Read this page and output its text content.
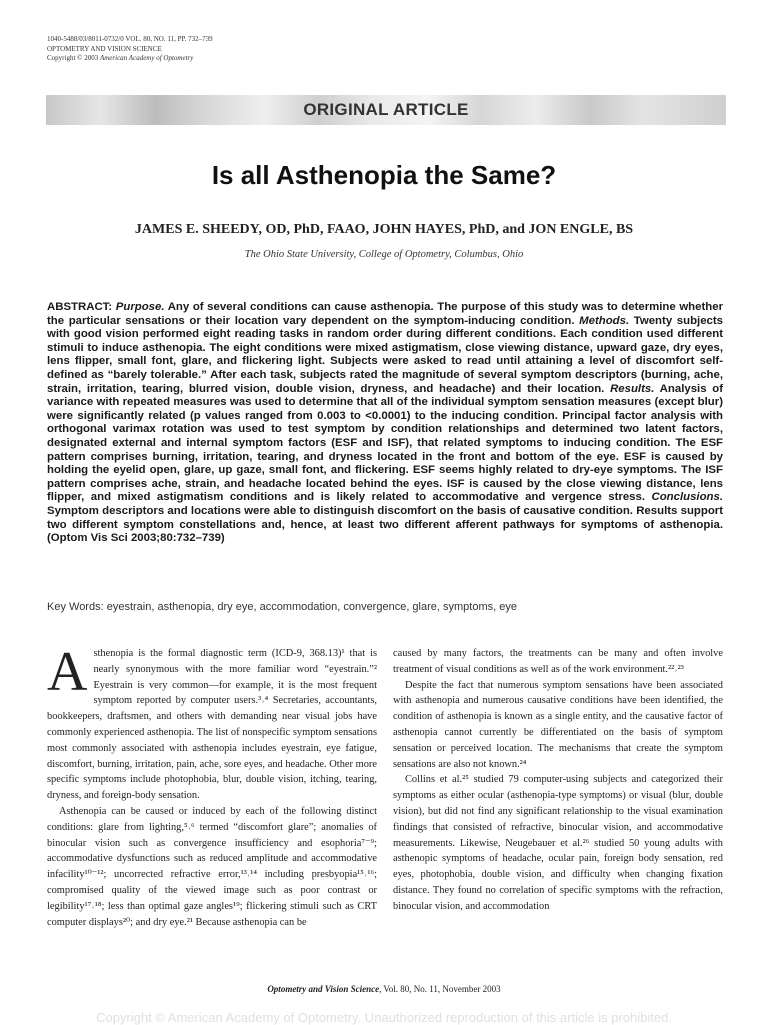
1040-5488/03/8011-0732/0 VOL. 80, NO. 11, PP. 732–739
OPTOMETRY AND VISION SCIENCE
Copyright © 2003 American Academy of Optometry
ORIGINAL ARTICLE
Is all Asthenopia the Same?
JAMES E. SHEEDY, OD, PhD, FAAO, JOHN HAYES, PhD, and JON ENGLE, BS
The Ohio State University, College of Optometry, Columbus, Ohio
ABSTRACT: Purpose. Any of several conditions can cause asthenopia. The purpose of this study was to determine whether the particular sensations or their location vary dependent on the symptom-inducing condition. Methods. Twenty subjects with good vision performed eight reading tasks in random order during different conditions. Each condition used different stimuli to induce asthenopia. The eight conditions were mixed astigmatism, close viewing distance, upward gaze, dry eyes, lens flipper, small font, glare, and flickering light. Subjects were asked to read until attaining a level of discomfort self-defined as “barely tolerable.” After each task, subjects rated the magnitude of several symptom descriptors (burning, ache, strain, irritation, tearing, blurred vision, double vision, dryness, and headache) and their location. Results. Analysis of variance with repeated measures was used to determine that all of the individual symptom sensation measures (except blur) were significantly related (p values ranged from 0.003 to <0.0001) to the inducing condition. Principal factor analysis with orthogonal varimax rotation was used to test symptom by condition relationships and determined two latent factors, designated external and internal symptom factors (ESF and ISF), that related symptoms to inducing condition. The ESF pattern comprises burning, irritation, tearing, and dryness located in the front and bottom of the eye. ESF is caused by holding the eyelid open, glare, up gaze, small font, and flickering. ESF seems highly related to dry-eye symptoms. The ISF pattern comprises ache, strain, and headache located behind the eyes. ISF is caused by the close viewing distance, lens flipper, and mixed astigmatism conditions and is likely related to accommodative and vergence stress. Conclusions. Symptom descriptors and locations were able to distinguish discomfort on the basis of causative condition. Results support two different symptom constellations and, hence, at least two different afferent pathways for symptoms of asthenopia. (Optom Vis Sci 2003;80:732–739)
Key Words: eyestrain, asthenopia, dry eye, accommodation, convergence, glare, symptoms, eye

Asthenopia is the formal diagnostic term (ICD-9, 368.13)¹ that is nearly synonymous with the more familiar word “eyestrain.”² Eyestrain is very common—for example, it is the most frequent symptom reported by computer users.³˒⁴ Secretaries, accountants, bookkeepers, draftsmen, and others with demanding near visual jobs have commonly experienced asthenopia. The list of nonspecific symptom sensations most commonly associated with asthenopia includes eyestrain, eye fatigue, discomfort, burning, irritation, pain, ache, sore eyes, and headache. Other more specific symptoms include photophobia, blur, double vision, itching, tearing, dryness, and foreign-body sensation.

Asthenopia can be caused or induced by each of the following distinct conditions: glare from lighting,⁵˒⁶ termed “discomfort glare”; anomalies of binocular vision such as convergence insufficiency and esophoria⁷⁻⁹; accommodative dysfunctions such as reduced amplitude and accommodative infacility¹⁰⁻¹²; uncorrected refractive error,¹³˒¹⁴ including presbyopia¹⁵˒¹⁶; compromised quality of the viewed image such as poor contrast or legibility¹⁷˒¹⁸; less than optimal gaze angles¹⁹; flickering stimuli such as CRT computer displays²⁰; and dry eye.²¹ Because asthenopia can be

caused by many factors, the treatments can be many and often involve treatment of visual conditions as well as of the work environment.²²˒²³

Despite the fact that numerous symptom sensations have been associated with asthenopia and numerous causative conditions have been identified, the condition of asthenopia is known as a single entity, and the causative factor of asthenopia cannot currently be differentiated on the basis of symptom sensation or perceived location. The mechanisms that create the symptom sensations are also not known.²⁴

Collins et al.²⁵ studied 79 computer-using subjects and categorized their symptoms as either ocular (asthenopia-type symptoms) or visual (blur, double vision), but did not find any significant relationship to the visual examination findings that consisted of refractive, binocular vision, and accommodative measurements. Likewise, Neugebauer et al.²⁶ studied 50 young adults with asthenopic symptoms of headache, ocular pain, foreign body sensation, red eyes, photophobia, double vision, and difficulty when changing fixation distance. They found no correlation of specific symptoms with the refraction, binocular vision, and accommodation

Optometry and Vision Science, Vol. 80, No. 11, November 2003
Copyright © American Academy of Optometry. Unauthorized reproduction of this article is prohibited.
